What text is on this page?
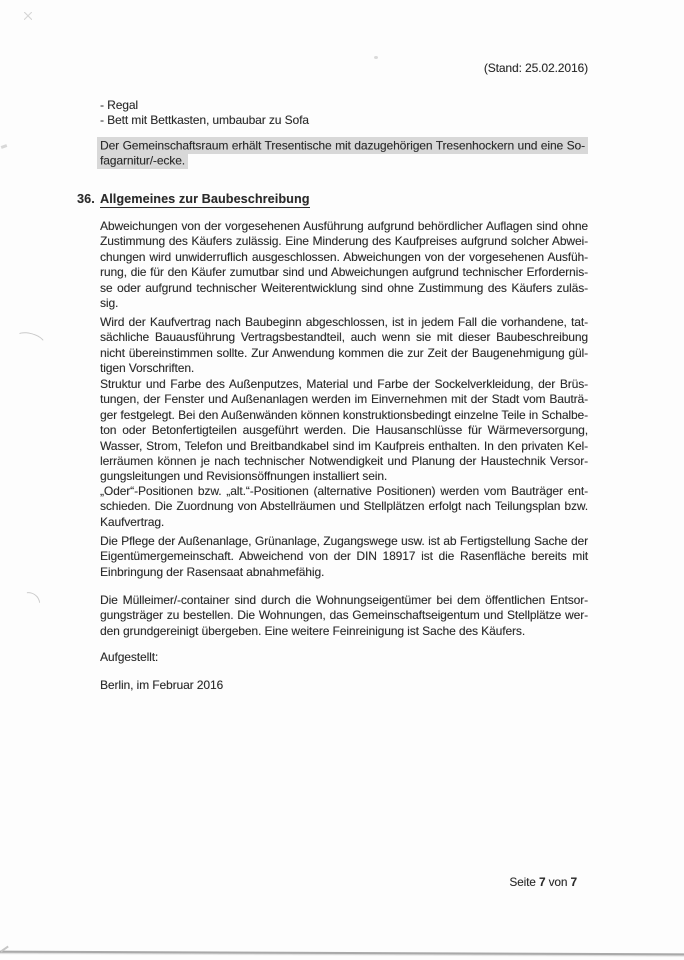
(Stand: 25.02.2016)
- Regal
- Bett mit Bettkasten, umbaubar zu Sofa
Der Gemeinschaftsraum erhält Tresentische mit dazugehörigen Tresenhockern und eine So-
fagarnitur/-ecke.
36. Allgemeines zur Baubeschreibung
Abweichungen von der vorgesehenen Ausführung aufgrund behördlicher Auflagen sind ohne
Zustimmung des Käufers zulässig. Eine Minderung des Kaufpreises aufgrund solcher Abwei-
chungen wird unwiderruflich ausgeschlossen. Abweichungen von der vorgesehenen Ausfüh-
rung, die für den Käufer zumutbar sind und Abweichungen aufgrund technischer Erfordernis-
se oder aufgrund technischer Weiterentwicklung sind ohne Zustimmung des Käufers zuläs-
sig.
Wird der Kaufvertrag nach Baubeginn abgeschlossen, ist in jedem Fall die vorhandene, tat-
sächliche Bauausführung Vertragsbestandteil, auch wenn sie mit dieser Baubeschreibung
nicht übereinstimmen sollte. Zur Anwendung kommen die zur Zeit der Baugenehmigung gül-
tigen Vorschriften.
Struktur und Farbe des Außenputzes, Material und Farbe der Sockelverkleidung, der Brüs-
tungen, der Fenster und Außenanlagen werden im Einvernehmen mit der Stadt vom Bauträ-
ger festgelegt. Bei den Außenwänden können konstruktionsbedingt einzelne Teile in Schalbe-
ton oder Betonfertigteilen ausgeführt werden. Die Hausanschlüsse für Wärmeversorgung,
Wasser, Strom, Telefon und Breitbandkabel sind im Kaufpreis enthalten. In den privaten Kel-
lerräumen können je nach technischer Notwendigkeit und Planung der Haustechnik Versor-
gungsleitungen und Revisionsöffnungen installiert sein.
„Oder“-Positionen bzw. „alt.“-Positionen (alternative Positionen) werden vom Bauträger ent-
schieden. Die Zuordnung von Abstellräumen und Stellplätzen erfolgt nach Teilungsplan bzw.
Kaufvertrag.
Die Pflege der Außenanlage, Grünanlage, Zugangswege usw. ist ab Fertigstellung Sache der
Eigentümergemeinschaft. Abweichend von der DIN 18917 ist die Rasenfläche bereits mit
Einbringung der Rasensaat abnahmefähig.
Die Mülleimer/-container sind durch die Wohnungseigentümer bei dem öffentlichen Entsor-
gungsträger zu bestellen. Die Wohnungen, das Gemeinschaftseigentum und Stellplätze wer-
den grundgereinigt übergeben. Eine weitere Feinreinigung ist Sache des Käufers.
Aufgestellt:
Berlin, im Februar 2016
Seite 7 von 7
